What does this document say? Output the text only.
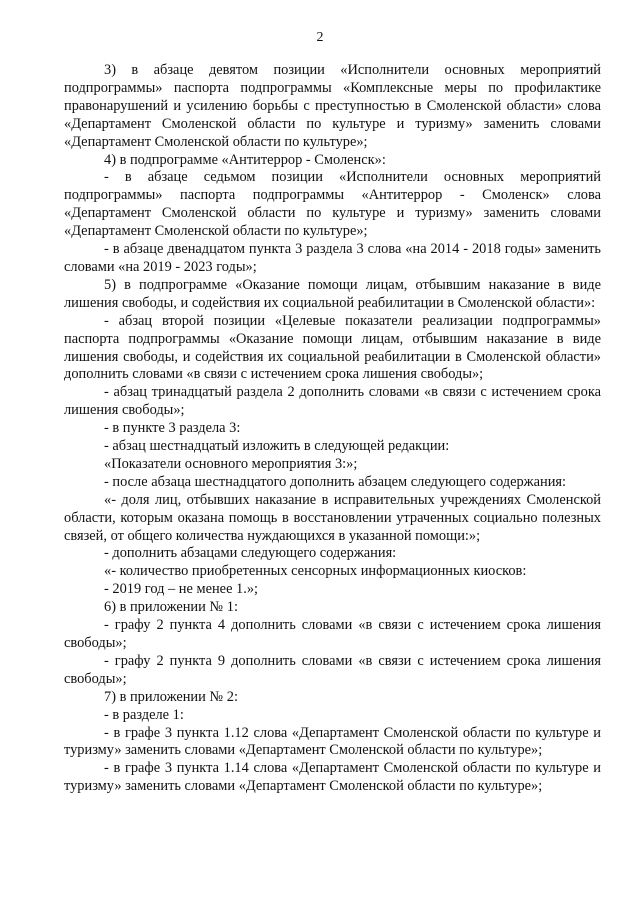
2

3) в абзаце девятом позиции «Исполнители основных мероприятий подпрограммы» паспорта подпрограммы «Комплексные меры по профилактике правонарушений и усилению борьбы с преступностью в Смоленской области» слова «Департамент Смоленской области по культуре и туризму» заменить словами «Департамент Смоленской области по культуре»;

4) в подпрограмме «Антитеррор - Смоленск»:

- в абзаце седьмом позиции «Исполнители основных мероприятий подпрограммы» паспорта подпрограммы «Антитеррор - Смоленск» слова «Департамент Смоленской области по культуре и туризму» заменить словами «Департамент Смоленской области по культуре»;

- в абзаце двенадцатом пункта 3 раздела 3 слова «на 2014 - 2018 годы» заменить словами «на 2019 - 2023 годы»;

5) в подпрограмме «Оказание помощи лицам, отбывшим наказание в виде лишения свободы, и содействия их социальной реабилитации в Смоленской области»:

- абзац второй позиции «Целевые показатели реализации подпрограммы» паспорта подпрограммы «Оказание помощи лицам, отбывшим наказание в виде лишения свободы, и содействия их социальной реабилитации в Смоленской области» дополнить словами «в связи с истечением срока лишения свободы»;

- абзац тринадцатый раздела 2 дополнить словами «в связи с истечением срока лишения свободы»;

- в пункте 3 раздела 3:

- абзац шестнадцатый изложить в следующей редакции:

«Показатели основного мероприятия 3:»;

- после абзаца шестнадцатого дополнить абзацем следующего содержания:

«- доля лиц, отбывших наказание в исправительных учреждениях Смоленской области, которым оказана помощь в восстановлении утраченных социально полезных связей, от общего количества нуждающихся в указанной помощи:»;

- дополнить абзацами следующего содержания:

«- количество приобретенных сенсорных информационных киосков:

- 2019 год – не менее 1.»;

6) в приложении № 1:

- графу 2 пункта 4 дополнить словами «в связи с истечением срока лишения свободы»;

- графу 2 пункта 9 дополнить словами «в связи с истечением срока лишения свободы»;

7) в приложении № 2:

- в разделе 1:

- в графе 3 пункта 1.12 слова «Департамент Смоленской области по культуре и туризму» заменить словами «Департамент Смоленской области по культуре»;

- в графе 3 пункта 1.14 слова «Департамент Смоленской области по культуре и туризму» заменить словами «Департамент Смоленской области по культуре»;
